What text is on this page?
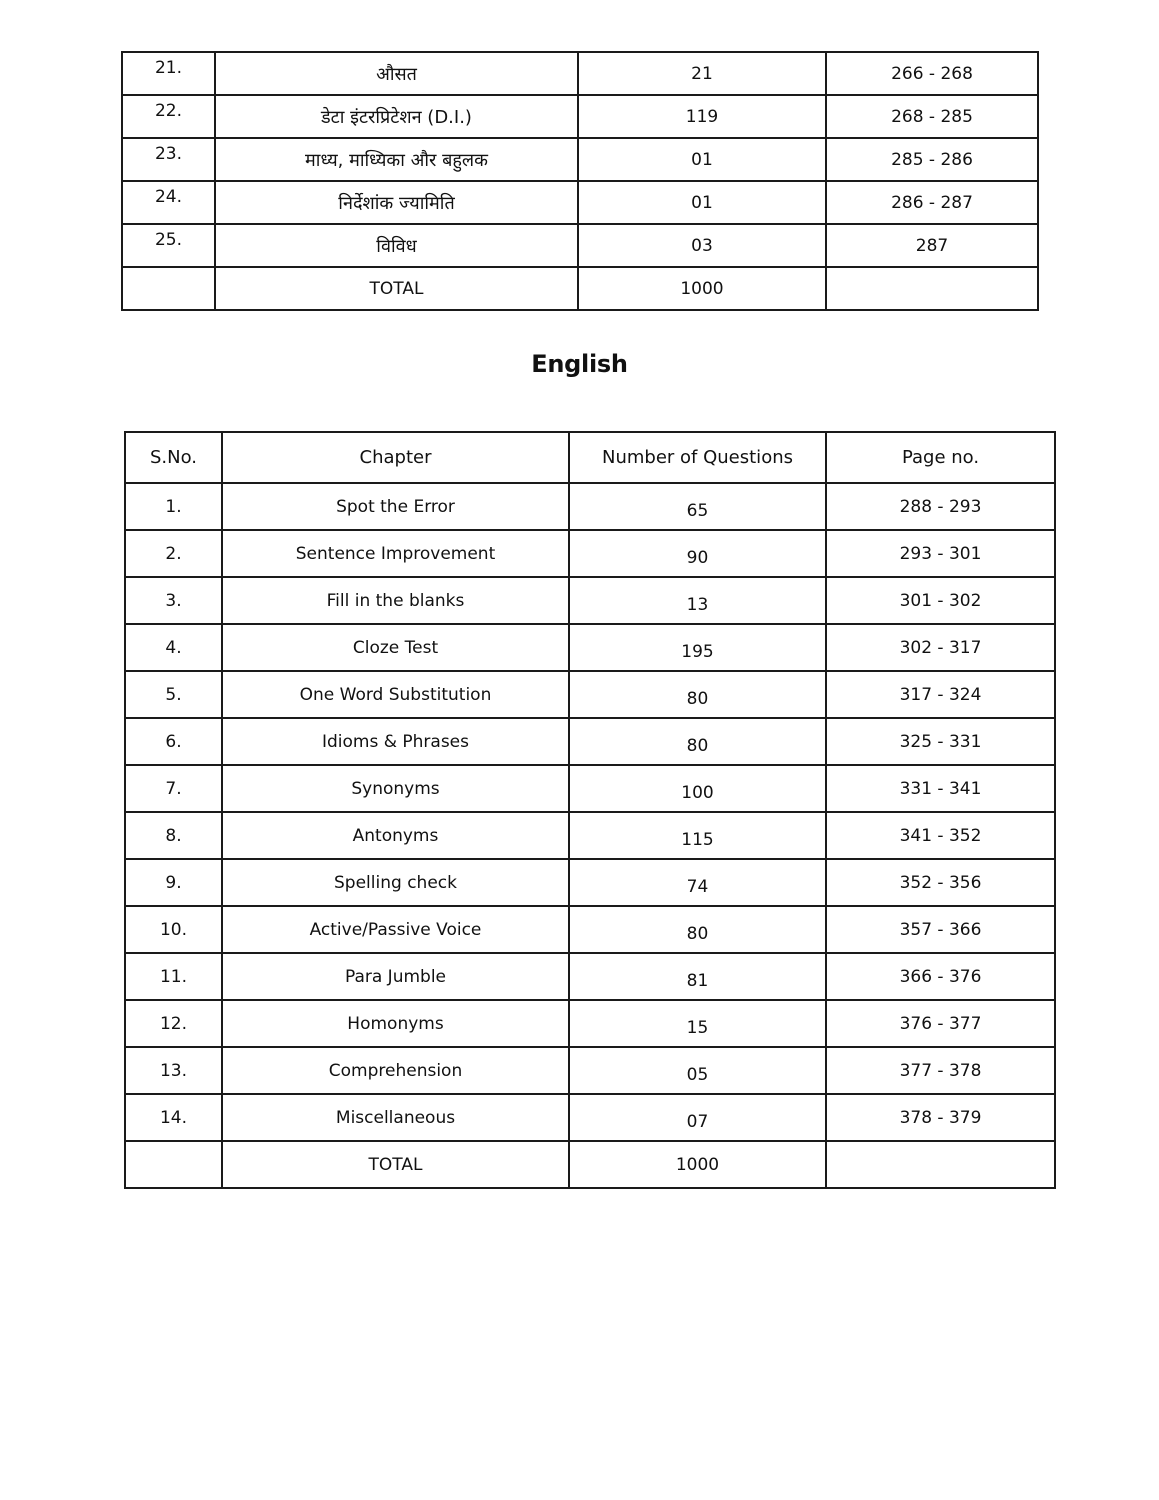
21.	औसत	21	266 - 268
22.	डेटा इंटरप्रिटेशन (D.I.)	119	268 - 285
23.	माध्य, माध्यिका और बहुलक	01	285 - 286
24.	निर्देशांक ज्यामिति	01	286 - 287
25.	विविध	03	287
	TOTAL	1000	
English
S.No.	Chapter	Number of Questions	Page no.
1.	Spot the Error	65	288 - 293
2.	Sentence Improvement	90	293 - 301
3.	Fill in the blanks	13	301 - 302
4.	Cloze Test	195	302 - 317
5.	One Word Substitution	80	317 - 324
6.	Idioms & Phrases	80	325 - 331
7.	Synonyms	100	331 - 341
8.	Antonyms	115	341 - 352
9.	Spelling check	74	352 - 356
10.	Active/Passive Voice	80	357 - 366
11.	Para Jumble	81	366 - 376
12.	Homonyms	15	376 - 377
13.	Comprehension	05	377 - 378
14.	Miscellaneous	07	378 - 379
	TOTAL	1000	
